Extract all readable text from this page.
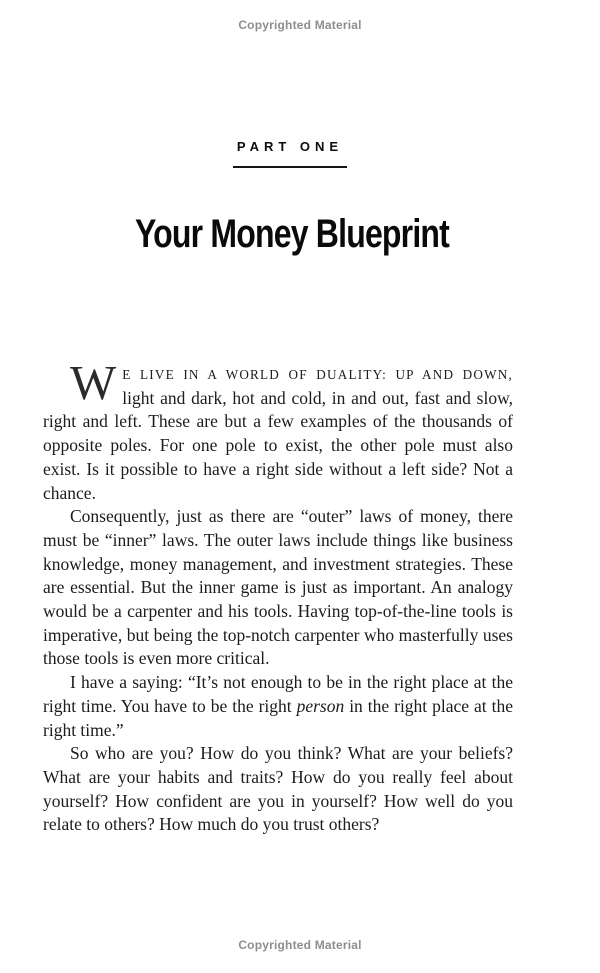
Copyrighted Material
PART ONE
Your Money Blueprint

W E LIVE IN A WORLD OF DUALITY: UP AND DOWN, light and dark, hot and cold, in and out, fast and slow, right and left. These are but a few examples of the thousands of opposite poles. For one pole to exist, the other pole must also exist. Is it possible to have a right side without a left side? Not a chance.

Consequently, just as there are “outer” laws of money, there must be “inner” laws. The outer laws include things like business knowledge, money management, and investment strategies. These are essential. But the inner game is just as important. An analogy would be a carpenter and his tools. Having top-of-the-line tools is imperative, but being the top-notch carpenter who masterfully uses those tools is even more critical.

I have a saying: “It’s not enough to be in the right place at the right time. You have to be the right person in the right place at the right time.”

So who are you? How do you think? What are your beliefs? What are your habits and traits? How do you really feel about yourself? How confident are you in yourself? How well do you relate to others? How much do you trust others?

Copyrighted Material
